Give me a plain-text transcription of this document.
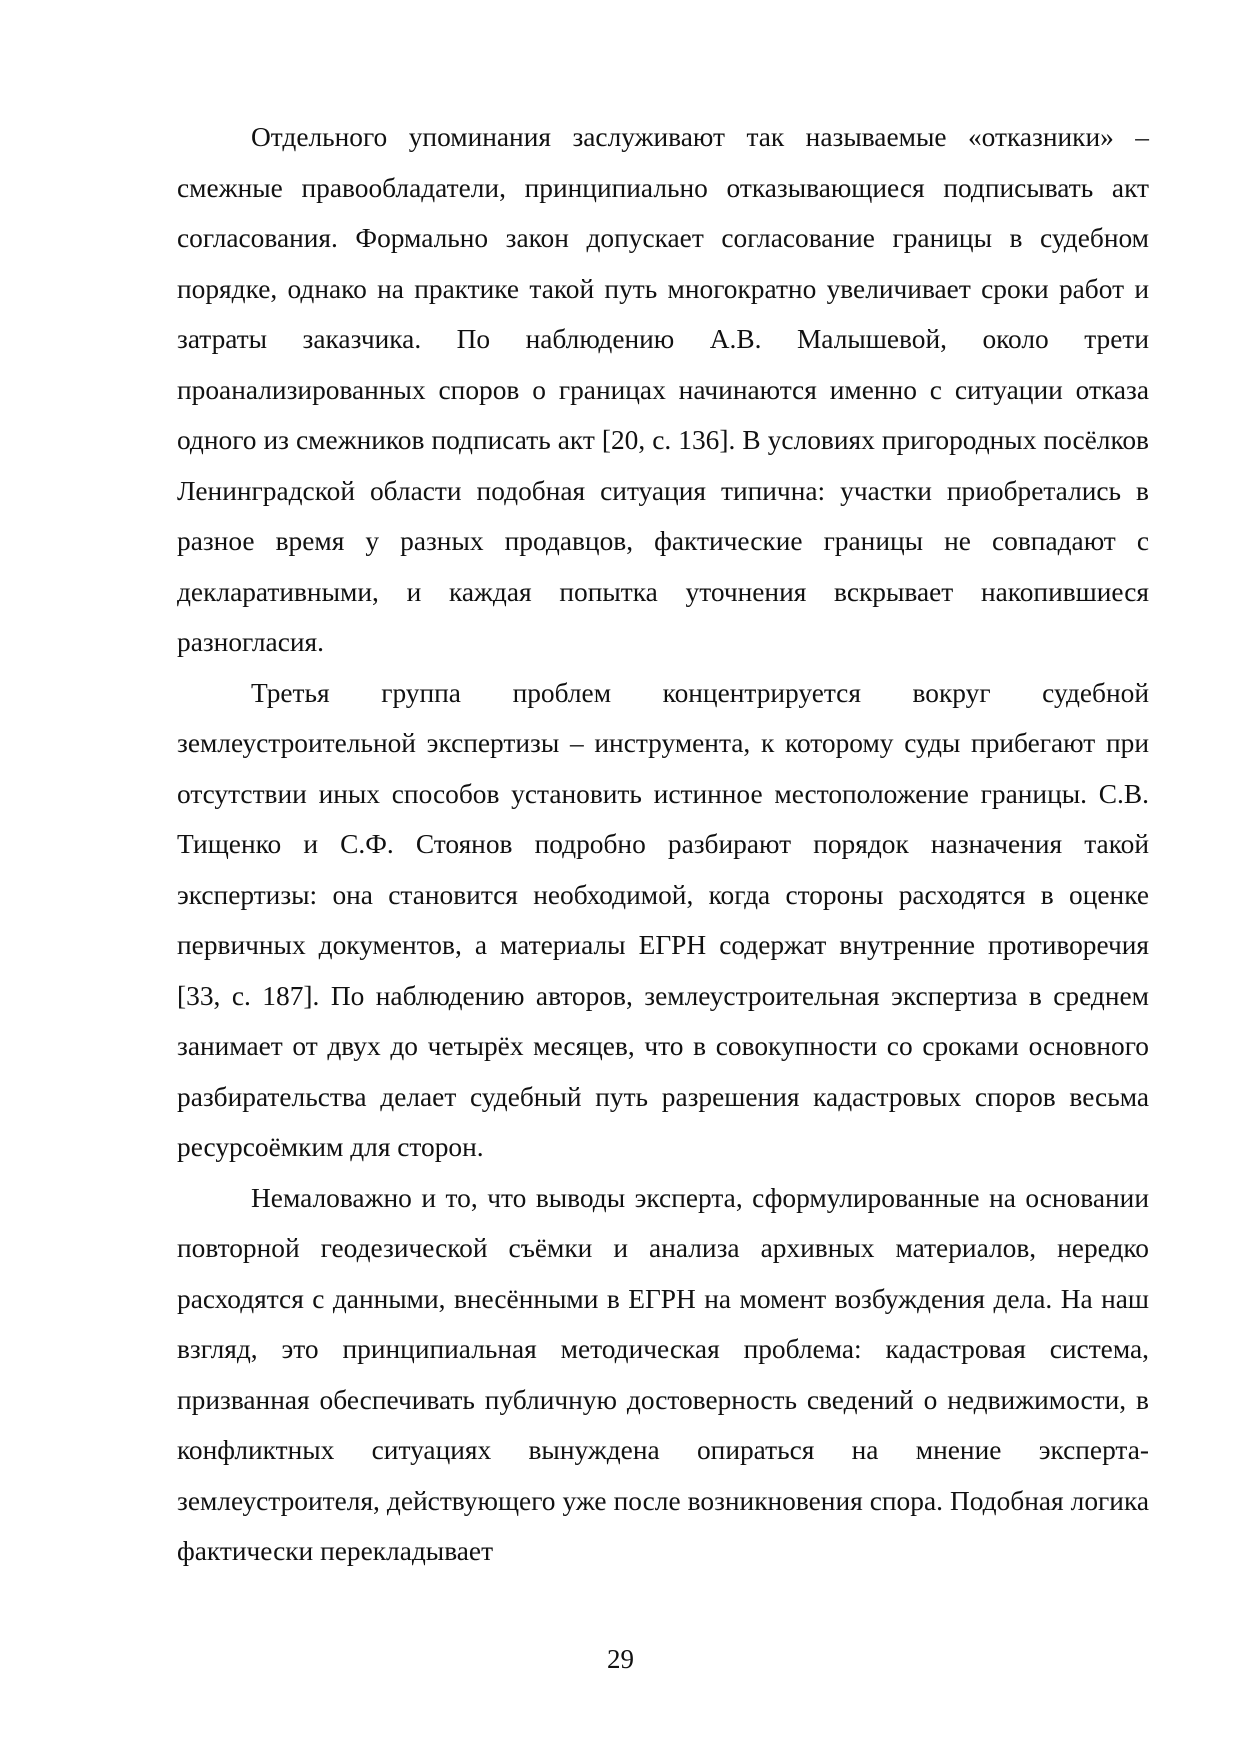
Отдельного упоминания заслуживают так называемые «отказники» – смежные правообладатели, принципиально отказывающиеся подписывать акт согласования. Формально закон допускает согласование границы в судебном порядке, однако на практике такой путь многократно увеличивает сроки работ и затраты заказчика. По наблюдению А.В. Малышевой, около трети проанализированных споров о границах начинаются именно с ситуации отказа одного из смежников подписать акт [20, с. 136]. В условиях пригородных посёлков Ленинградской области подобная ситуация типична: участки приобретались в разное время у разных продавцов, фактические границы не совпадают с декларативными, и каждая попытка уточнения вскрывает накопившиеся разногласия.

Третья группа проблем концентрируется вокруг судебной землеустроительной экспертизы – инструмента, к которому суды прибегают при отсутствии иных способов установить истинное местоположение границы. С.В. Тищенко и С.Ф. Стоянов подробно разбирают порядок назначения такой экспертизы: она становится необходимой, когда стороны расходятся в оценке первичных документов, а материалы ЕГРН содержат внутренние противоречия [33, с. 187]. По наблюдению авторов, землеустроительная экспертиза в среднем занимает от двух до четырёх месяцев, что в совокупности со сроками основного разбирательства делает судебный путь разрешения кадастровых споров весьма ресурсоёмким для сторон.

Немаловажно и то, что выводы эксперта, сформулированные на основании повторной геодезической съёмки и анализа архивных материалов, нередко расходятся с данными, внесёнными в ЕГРН на момент возбуждения дела. На наш взгляд, это принципиальная методическая проблема: кадастровая система, призванная обеспечивать публичную достоверность сведений о недвижимости, в конфликтных ситуациях вынуждена опираться на мнение эксперта-землеустроителя, действующего уже после возникновения спора. Подобная логика фактически перекладывает

29
